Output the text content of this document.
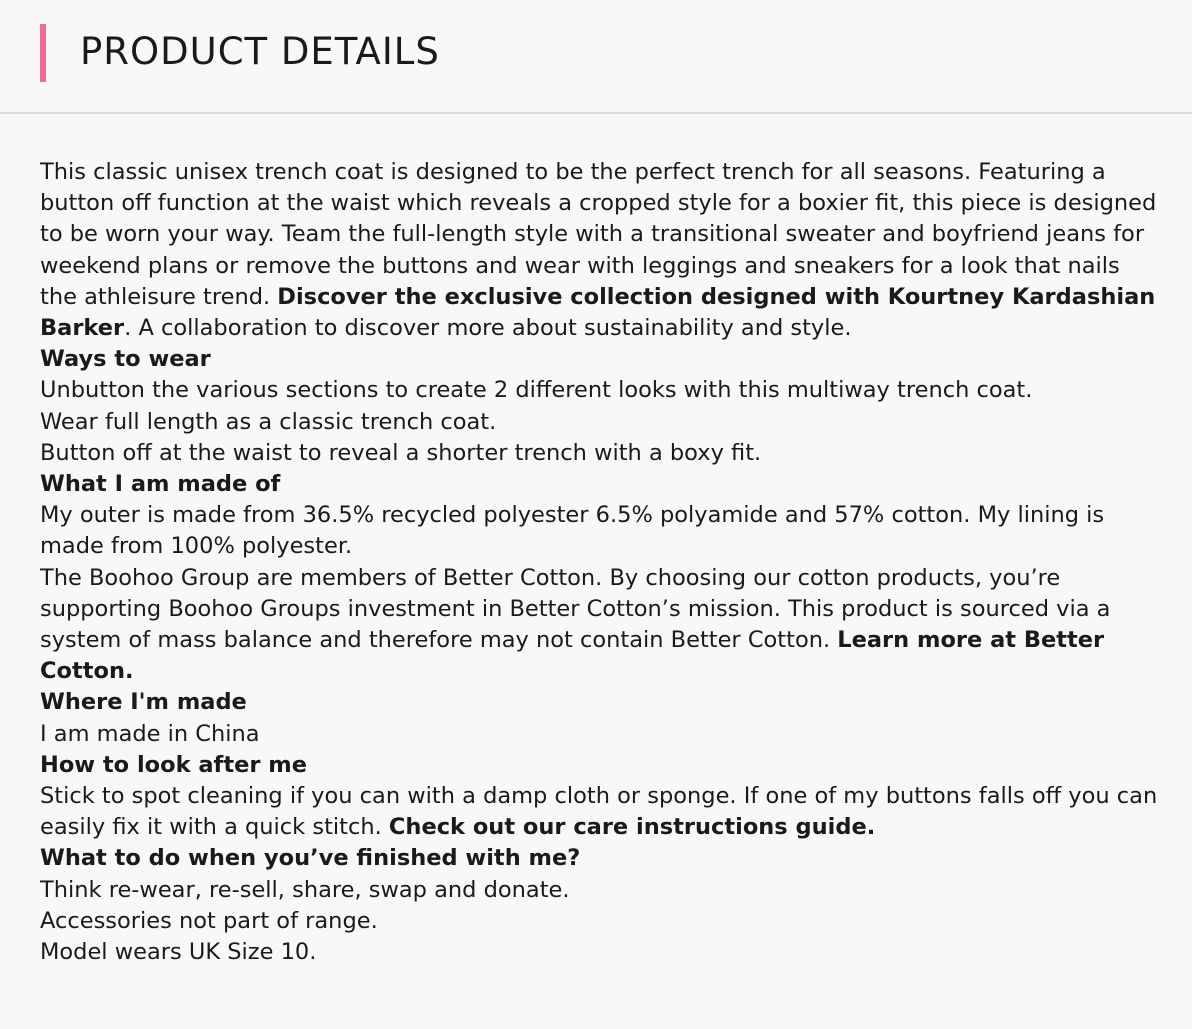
PRODUCT DETAILS

This classic unisex trench coat is designed to be the perfect trench for all seasons. Featuring a button off function at the waist which reveals a cropped style for a boxier fit, this piece is designed to be worn your way. Team the full-length style with a transitional sweater and boyfriend jeans for weekend plans or remove the buttons and wear with leggings and sneakers for a look that nails the athleisure trend. Discover the exclusive collection designed with Kourtney Kardashian Barker. A collaboration to discover more about sustainability and style.

Ways to wear

Unbutton the various sections to create 2 different looks with this multiway trench coat.

Wear full length as a classic trench coat.

Button off at the waist to reveal a shorter trench with a boxy fit.

What I am made of

My outer is made from 36.5% recycled polyester 6.5% polyamide and 57% cotton. My lining is made from 100% polyester.

The Boohoo Group are members of Better Cotton. By choosing our cotton products, you’re supporting Boohoo Groups investment in Better Cotton’s mission. This product is sourced via a system of mass balance and therefore may not contain Better Cotton. Learn more at Better Cotton.

Where I'm made

I am made in China

How to look after me

Stick to spot cleaning if you can with a damp cloth or sponge. If one of my buttons falls off you can easily fix it with a quick stitch. Check out our care instructions guide.

What to do when you’ve finished with me?

Think re-wear, re-sell, share, swap and donate.

Accessories not part of range.

Model wears UK Size 10.
